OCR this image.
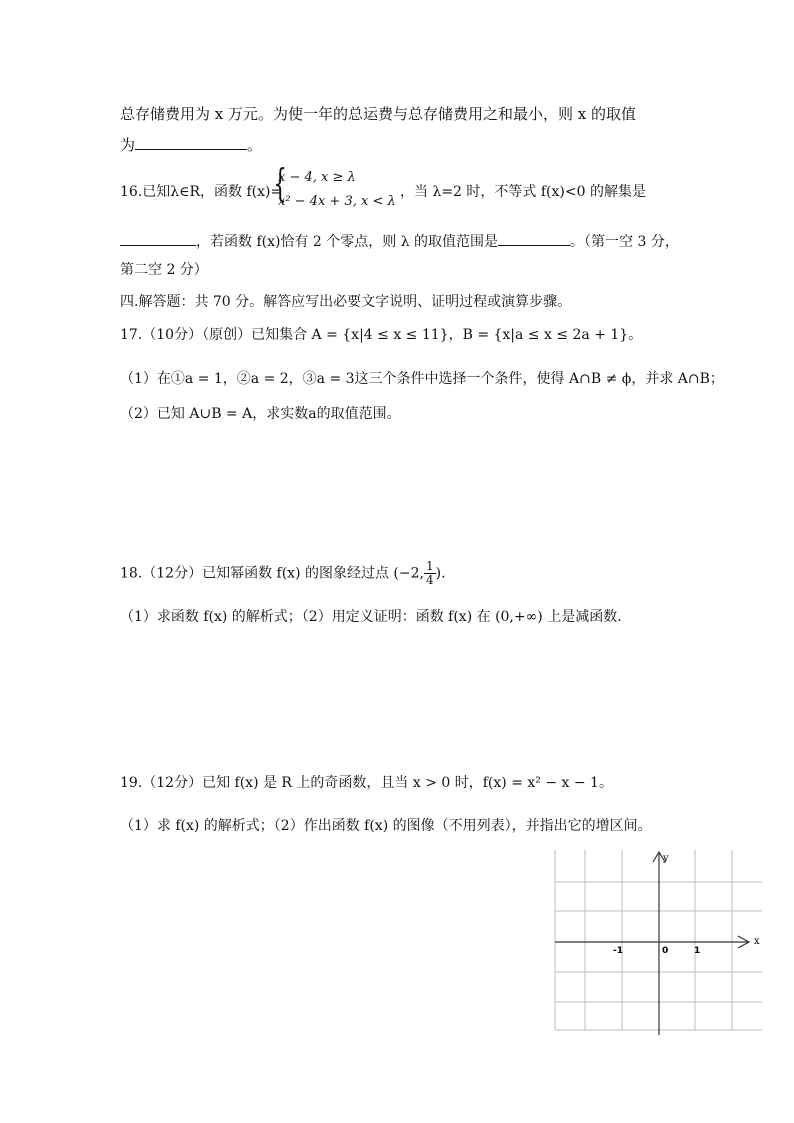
总存储费用为 x 万元。为使一年的总运费与总存储费用之和最小，则 x 的取值
为	。
16.已知λ∈R，函数 f(x)=
{
x − 4, x ≥ λ
x² − 4x + 3, x < λ
，当 λ=2 时，不等式 f(x)<0 的解集是
，若函数 f(x)恰有 2 个零点，则 λ 的取值范围是	。（第一空 3 分，
第二空 2 分）
四.解答题：共 70 分。解答应写出必要文字说明、证明过程或演算步骤。
17.（10分）（原创）已知集合 A = {x|4 ≤ x ≤ 11}，B = {x|a ≤ x ≤ 2a + 1}。
（1）在①a = 1，②a = 2，③a = 3这三个条件中选择一个条件，使得 A∩B ≠ ϕ，并求 A∩B；
（2）已知 A∪B = A，求实数a的取值范围。
18.（12分）已知幂函数 f(x) 的图象经过点 (−2, $\frac{1}{4}$ ).
（1）求函数 f(x) 的解析式；（2）用定义证明：函数 f(x) 在 (0,+∞) 上是减函数.
19.（12分）已知 f(x) 是 R 上的奇函数，且当 x > 0 时，f(x) = x² − x − 1。
（1）求 f(x) 的解析式；（2）作出函数 f(x) 的图像（不用列表），并指出它的增区间。
x
y
0
-1	1
